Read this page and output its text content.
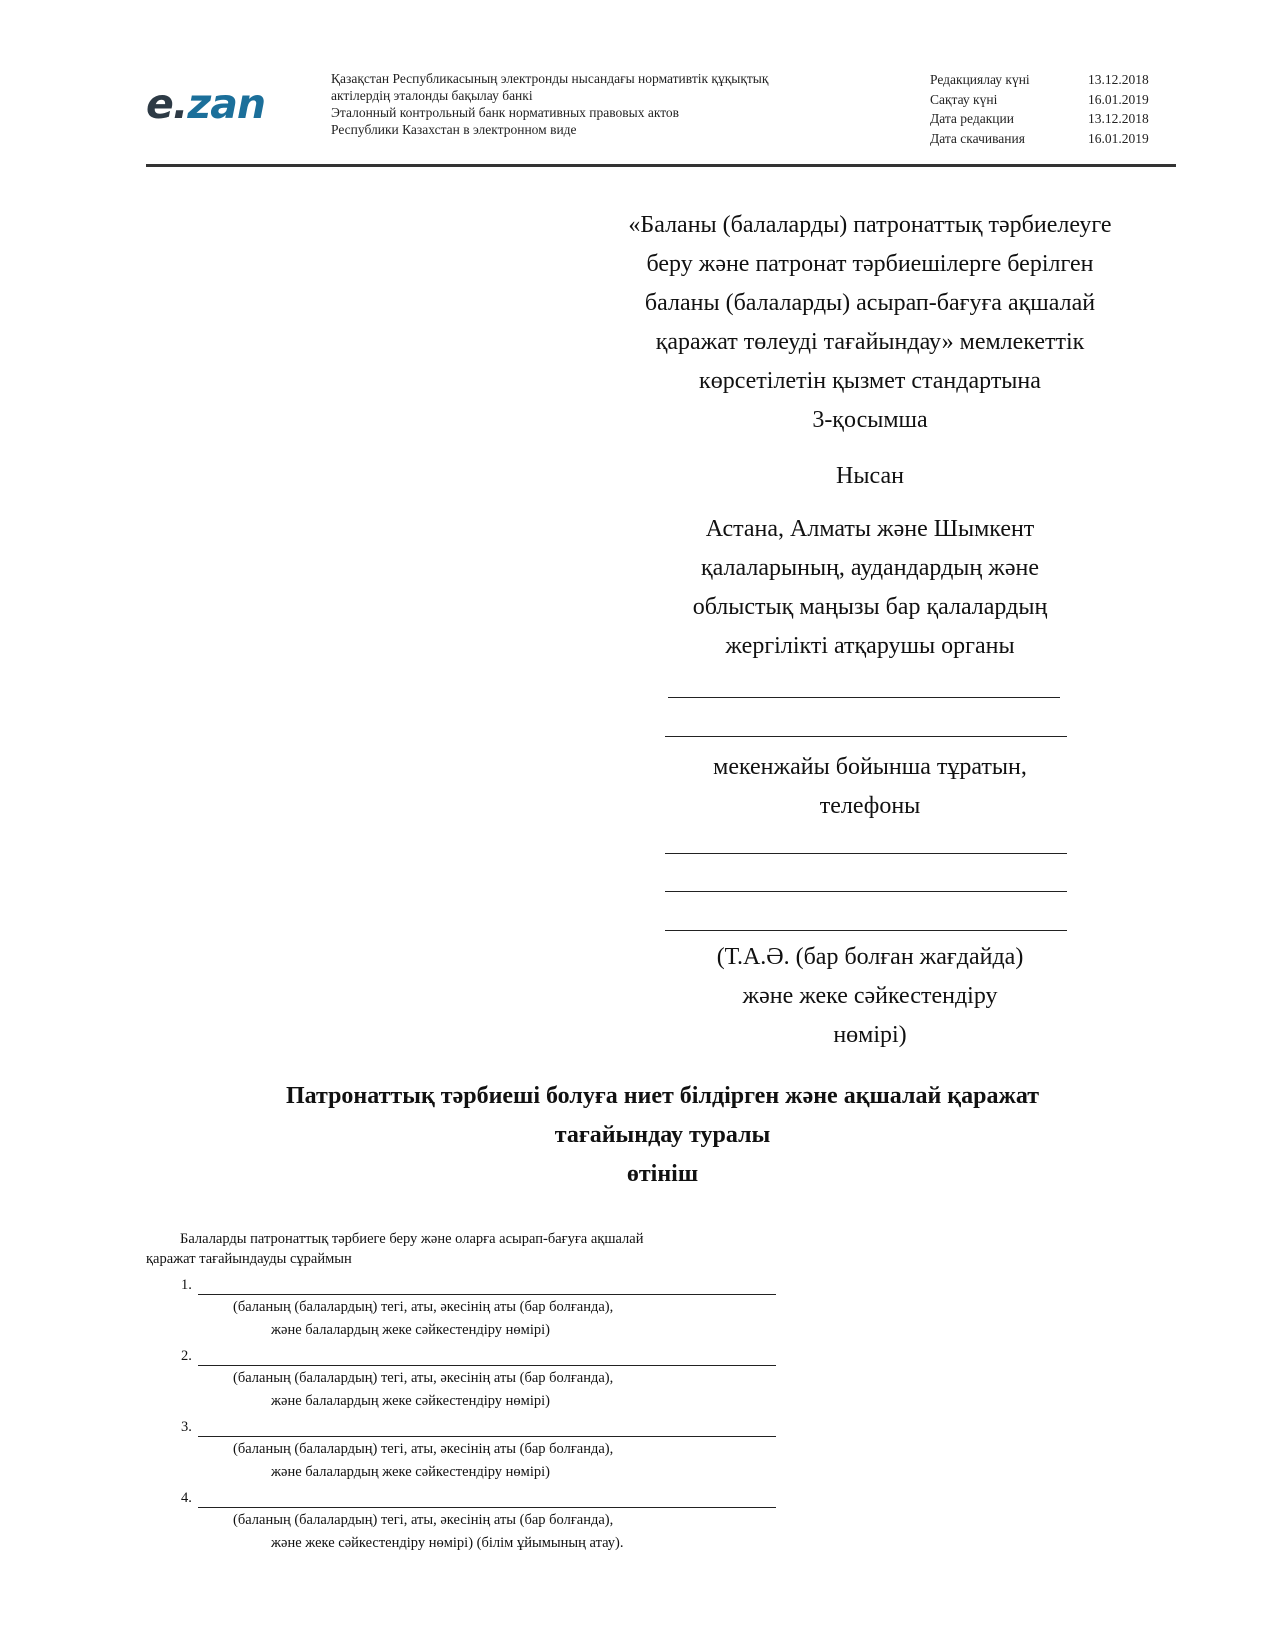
e.zan
Қазақстан Республикасының электронды нысандағы нормативтік құқықтық
актілердің эталонды бақылау банкі
Эталонный контрольный банк нормативных правовых актов
Республики Казахстан в электронном виде
Редакциялау күні	13.12.2018
Сақтау күні	16.01.2019
Дата редакции	13.12.2018
Дата скачивания	16.01.2019

«Баланы (балаларды) патронаттық тәрбиелеуге

беру және патронат тәрбиешілерге берілген

баланы (балаларды) асырап-бағуға ақшалай

қаражат төлеуді тағайындау» мемлекеттік

көрсетілетін қызмет стандартына

3-қосымша

Нысан

Астана, Алматы және Шымкент

қалаларының, аудандардың және

облыстық маңызы бар қалалардың

жергілікті атқарушы органы

мекенжайы бойынша тұратын,

телефоны

(Т.А.Ә. (бар болған жағдайда)

және жеке сәйкестендіру

нөмірі)

Патронаттық тәрбиеші болуға ниет білдірген және ақшалай қаражат
тағайындау туралы
өтініш
Балаларды патронаттық тәрбиеге беру және оларға асырап-бағуға ақшалай
қаражат тағайындауды сұраймын
1.
(баланың (балалардың) тегі, аты, әкесінің аты (бар болғанда),
және балалардың жеке сәйкестендіру нөмірі)
2.
(баланың (балалардың) тегі, аты, әкесінің аты (бар болғанда),
және балалардың жеке сәйкестендіру нөмірі)
3.
(баланың (балалардың) тегі, аты, әкесінің аты (бар болғанда),
және балалардың жеке сәйкестендіру нөмірі)
4.
(баланың (балалардың) тегі, аты, әкесінің аты (бар болғанда),
және жеке сәйкестендіру нөмірі) (білім ұйымының атау).
